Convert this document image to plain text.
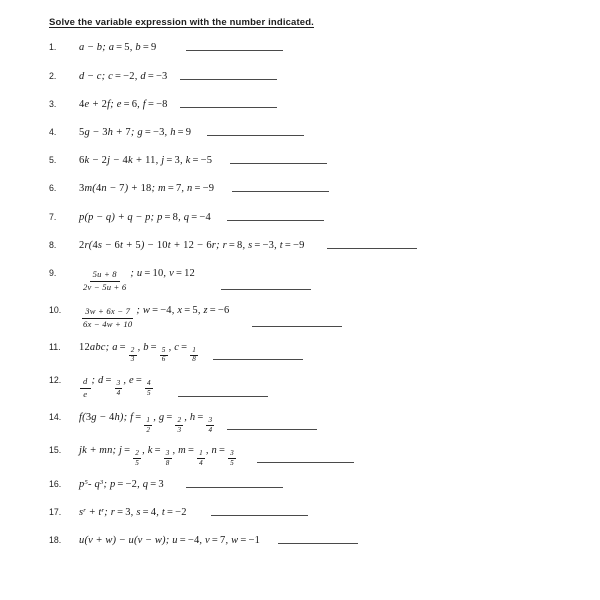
Solve the variable expression with the number indicated.
1.	a − b; a = 5 , b = 9
2.	d − c; c = −2 , d = −3
3.	4 e + 2 f; e = 6 , f = −8
4.	5 g − 3 h + 7 ; g = −3 , h = 9
5.	6 k − 2 j − 4 k + 11 , j = 3 , k = −5
6.	3 m( 4 n − 7 ) + 18 ; m = 7 , n = −9
7.	p(p − q) + q − p; p = 8 , q = −4
8.	2 r( 4 s − 6 t + 5 ) − 10 t + 12 − 6 r; r = 8 , s = −3 , t = −9
9.	$\frac{5u + 8}{2v - 5u + 6}$ ; u = 10 , v = 12
10.	$\frac{3w + 6x - 7}{6x - 4w + 10}$ ; w = −4 , x = 5 , z = −6
11.	12 abc; $a = \frac{2}{3}$ , $b = \frac{5}{6}$ , $c = \frac{1}{8}$
12.	$\frac{d}{e}$ ; $d = \frac{3}{4}$ , $e = \frac{4}{5}$
14.	f( 3 g − 4 h); $f = \frac{1}{2}$ , $g = \frac{2}{3}$ , $h = \frac{3}{4}$
15.	jk + mn; $j = \frac{2}{5}$ , $k = \frac{3}{8}$ , $m = \frac{1}{4}$ , $n = \frac{3}{5}$
16.	p 5 - q 3 ; p = −2 , q = 3
17.	s r + t r ; r = 3 , s = 4 , t = −2
18.	u(v + w) − u(v − w); u = −4 , v = 7 , w = −1
